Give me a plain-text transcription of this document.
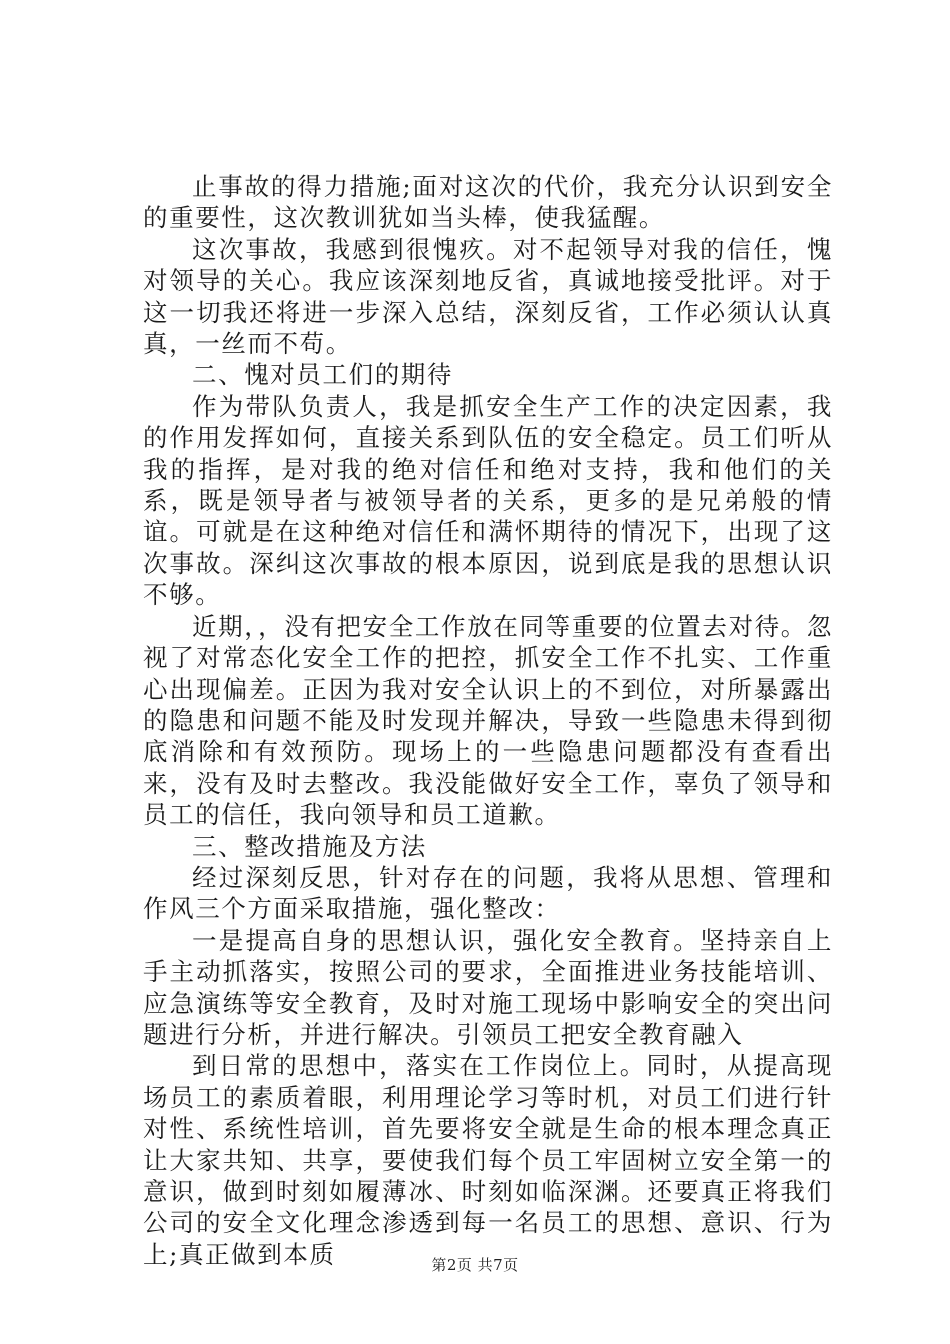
止事故的得力措施;面对这次的代价，我充分认识到安全的重要性，这次教训犹如当头棒，使我猛醒。

这次事故，我感到很愧疚。对不起领导对我的信任，愧对领导的关心。我应该深刻地反省，真诚地接受批评。对于这一切我还将进一步深入总结，深刻反省，工作必须认认真真，一丝而不苟。

二、愧对员工们的期待

作为带队负责人，我是抓安全生产工作的决定因素，我的作用发挥如何，直接关系到队伍的安全稳定。员工们听从我的指挥，是对我的绝对信任和绝对支持，我和他们的关系，既是领导者与被领导者的关系，更多的是兄弟般的情谊。可就是在这种绝对信任和满怀期待的情况下，出现了这次事故。深纠这次事故的根本原因，说到底是我的思想认识不够。

近期，，没有把安全工作放在同等重要的位置去对待。忽视了对常态化安全工作的把控，抓安全工作不扎实、工作重心出现偏差。正因为我对安全认识上的不到位，对所暴露出的隐患和问题不能及时发现并解决，导致一些隐患未得到彻底消除和有效预防。现场上的一些隐患问题都没有查看出来，没有及时去整改。我没能做好安全工作，辜负了领导和员工的信任，我向领导和员工道歉。

三、整改措施及方法

经过深刻反思，针对存在的问题，我将从思想、管理和作风三个方面采取措施，强化整改：

一是提高自身的思想认识，强化安全教育。坚持亲自上手主动抓落实，按照公司的要求，全面推进业务技能培训、应急演练等安全教育，及时对施工现场中影响安全的突出问题进行分析，并进行解决。引领员工把安全教育融入

到日常的思想中，落实在工作岗位上。同时，从提高现场员工的素质着眼，利用理论学习等时机，对员工们进行针对性、系统性培训，首先要将安全就是生命的根本理念真正让大家共知、共享，要使我们每个员工牢固树立安全第一的意识，做到时刻如履薄冰、时刻如临深渊。还要真正将我们公司的安全文化理念渗透到每一名员工的思想、意识、行为上;真正做到本质	第2页 共7页
